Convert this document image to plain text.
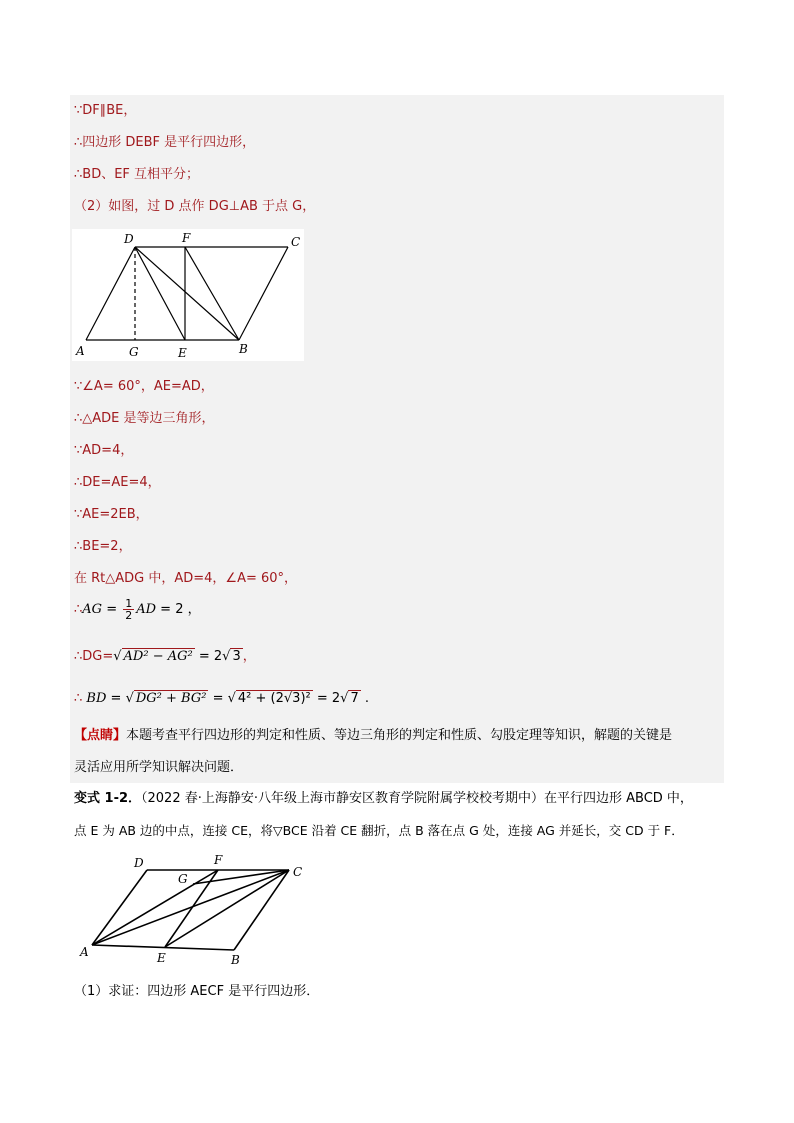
∵DF∥BE，
∴四边形 DEBF 是平行四边形，
∴BD、EF 互相平分；
（2）如图，过 D 点作 DG⊥AB 于点 G，
D	F	C
A	G	E	B
∵∠A= 60°，AE=AD，
∴△ADE 是等边三角形，
∵AD=4，
∴DE=AE=4，
∵AE=2EB，
∴BE=2，
在 Rt△ADG 中，AD=4，∠A= 60°，
∴AG = $\frac{1}{2}$ AD = 2 ，
∴DG=√ AD² − AG² = 2√ 3 ，
∴ BD = √ DG² + BG² = √ 4² + (2√3)² = 2√ 7 .
【点睛】本题考查平行四边形的判定和性质、等边三角形的判定和性质、勾股定理等知识，解题的关键是
灵活应用所学知识解决问题．
变式 1-2．（2022 春·上海静安·八年级上海市静安区教育学院附属学校校考期中）在平行四边形 ABCD 中，
点 E 为 AB 边的中点，连接 CE，将▽BCE 沿着 CE 翻折，点 B 落在点 G 处，连接 AG 并延长，交 CD 于 F．
D	F
G	C
A	E	B
（1）求证：四边形 AECF 是平行四边形．
